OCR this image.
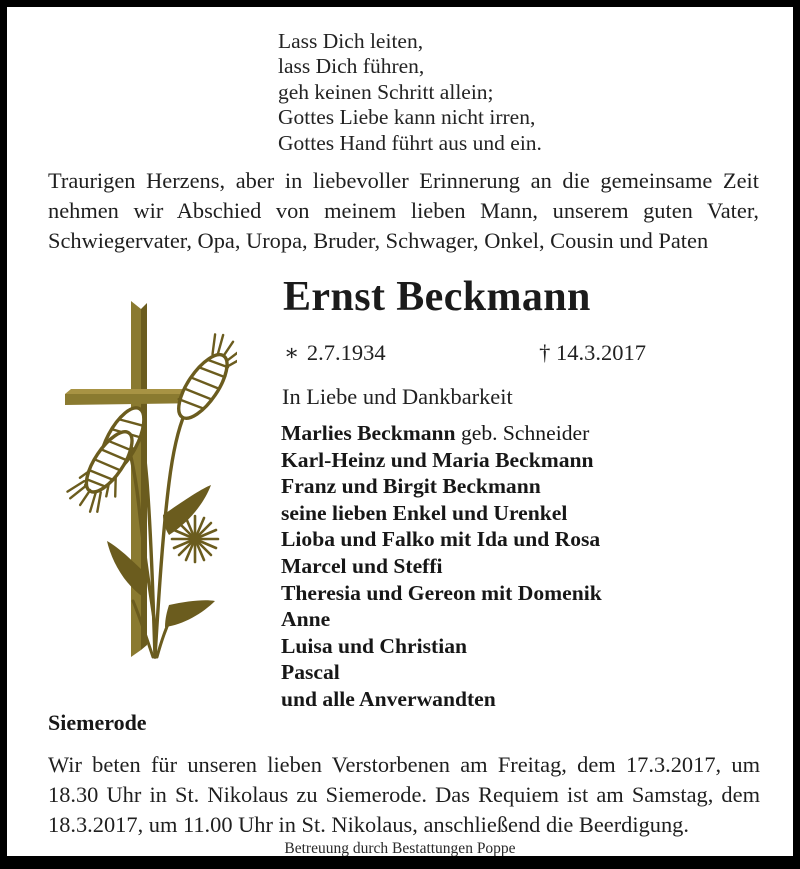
Lass Dich leiten,
lass Dich führen,
geh keinen Schritt allein;
Gottes Liebe kann nicht irren,
Gottes Hand führt aus und ein.
Traurigen Herzens, aber in liebevoller Erinnerung an die gemeinsame Zeit
nehmen wir Abschied von meinem lieben Mann, unserem guten Vater,
Schwiegervater, Opa, Uropa, Bruder, Schwager, Onkel, Cousin und Paten
Ernst Beckmann
∗ 2.7.1934	† 14.3.2017
In Liebe und Dankbarkeit
Marlies Beckmann geb. Schneider
Karl-Heinz und Maria Beckmann
Franz und Birgit Beckmann
seine lieben Enkel und Urenkel
Lioba und Falko mit Ida und Rosa
Marcel und Steffi
Theresia und Gereon mit Domenik
Anne
Luisa und Christian
Pascal
und alle Anverwandten
Siemerode
Wir beten für unseren lieben Verstorbenen am Freitag, dem 17.3.2017, um
18.30 Uhr in St. Nikolaus zu Siemerode. Das Requiem ist am Samstag, dem
18.3.2017, um 11.00 Uhr in St. Nikolaus, anschließend die Beerdigung.
Betreuung durch Bestattungen Poppe
